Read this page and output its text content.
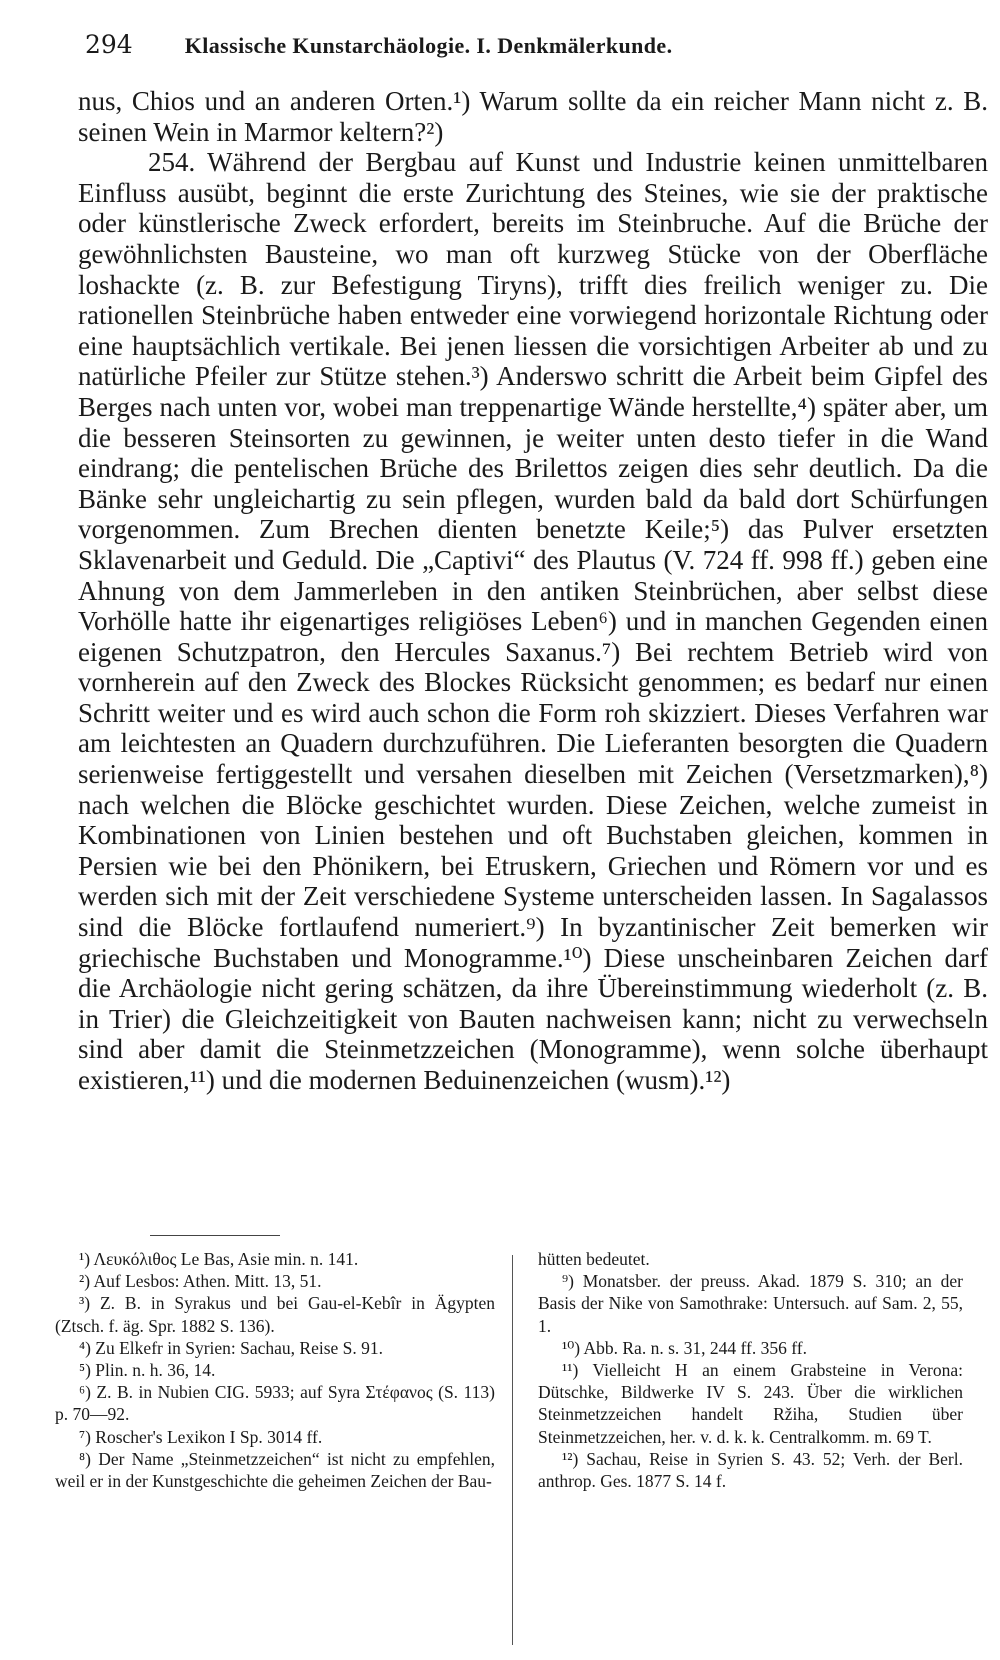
294 Klassische Kunstarchäologie. I. Denkmälerkunde.

nus, Chios und an anderen Orten.¹) Warum sollte da ein reicher Mann nicht z. B. seinen Wein in Marmor keltern?²)

254. Während der Bergbau auf Kunst und Industrie keinen unmittelbaren Einfluss ausübt, beginnt die erste Zurichtung des Steines, wie sie der praktische oder künstlerische Zweck erfordert, bereits im Steinbruche. Auf die Brüche der gewöhnlichsten Bausteine, wo man oft kurzweg Stücke von der Oberfläche loshackte (z. B. zur Befestigung Tiryns), trifft dies freilich weniger zu. Die rationellen Steinbrüche haben entweder eine vorwiegend horizontale Richtung oder eine hauptsächlich vertikale. Bei jenen liessen die vorsichtigen Arbeiter ab und zu natürliche Pfeiler zur Stütze stehen.³) Anderswo schritt die Arbeit beim Gipfel des Berges nach unten vor, wobei man treppenartige Wände herstellte,⁴) später aber, um die besseren Steinsorten zu gewinnen, je weiter unten desto tiefer in die Wand eindrang; die pentelischen Brüche des Brilettos zeigen dies sehr deutlich. Da die Bänke sehr ungleichartig zu sein pflegen, wurden bald da bald dort Schürfungen vorgenommen. Zum Brechen dienten benetzte Keile;⁵) das Pulver ersetzten Sklavenarbeit und Geduld. Die „Captivi“ des Plautus (V. 724 ff. 998 ff.) geben eine Ahnung von dem Jammerleben in den antiken Steinbrüchen, aber selbst diese Vorhölle hatte ihr eigenartiges religiöses Leben⁶) und in manchen Gegenden einen eigenen Schutzpatron, den Hercules Saxanus.⁷) Bei rechtem Betrieb wird von vornherein auf den Zweck des Blockes Rücksicht genommen; es bedarf nur einen Schritt weiter und es wird auch schon die Form roh skizziert. Dieses Verfahren war am leichtesten an Quadern durchzuführen. Die Lieferanten besorgten die Quadern serienweise fertiggestellt und versahen dieselben mit Zeichen (Versetzmarken),⁸) nach welchen die Blöcke geschichtet wurden. Diese Zeichen, welche zumeist in Kombinationen von Linien bestehen und oft Buchstaben gleichen, kommen in Persien wie bei den Phönikern, bei Etruskern, Griechen und Römern vor und es werden sich mit der Zeit verschiedene Systeme unterscheiden lassen. In Sagalassos sind die Blöcke fortlaufend numeriert.⁹) In byzantinischer Zeit bemerken wir griechische Buchstaben und Monogramme.¹⁰) Diese unscheinbaren Zeichen darf die Archäologie nicht gering schätzen, da ihre Übereinstimmung wiederholt (z. B. in Trier) die Gleichzeitigkeit von Bauten nachweisen kann; nicht zu verwechseln sind aber damit die Steinmetzzeichen (Monogramme), wenn solche überhaupt existieren,¹¹) und die modernen Beduinenzeichen (wusm).¹²)

¹) Λευκόλιθος Le Bas, Asie min. n. 141.

²) Auf Lesbos: Athen. Mitt. 13, 51.

³) Z. B. in Syrakus und bei Gau-el-Kebîr in Ägypten (Ztsch. f. äg. Spr. 1882 S. 136).

⁴) Zu Elkefr in Syrien: Sachau, Reise S. 91.

⁵) Plin. n. h. 36, 14.

⁶) Z. B. in Nubien CIG. 5933; auf Syra Στέφανος (S. 113) p. 70—92.

⁷) Roscher's Lexikon I Sp. 3014 ff.

⁸) Der Name „Steinmetzzeichen“ ist nicht zu empfehlen, weil er in der Kunstgeschichte die geheimen Zeichen der Bau-

hütten bedeutet.

⁹) Monatsber. der preuss. Akad. 1879 S. 310; an der Basis der Nike von Samothrake: Untersuch. auf Sam. 2, 55, 1.

¹⁰) Abb. Ra. n. s. 31, 244 ff. 356 ff.

¹¹) Vielleicht H an einem Grabsteine in Verona: Dütschke, Bildwerke IV S. 243. Über die wirklichen Steinmetzzeichen handelt Ržiha, Studien über Steinmetzzeichen, her. v. d. k. k. Centralkomm. m. 69 T.

¹²) Sachau, Reise in Syrien S. 43. 52; Verh. der Berl. anthrop. Ges. 1877 S. 14 f.
